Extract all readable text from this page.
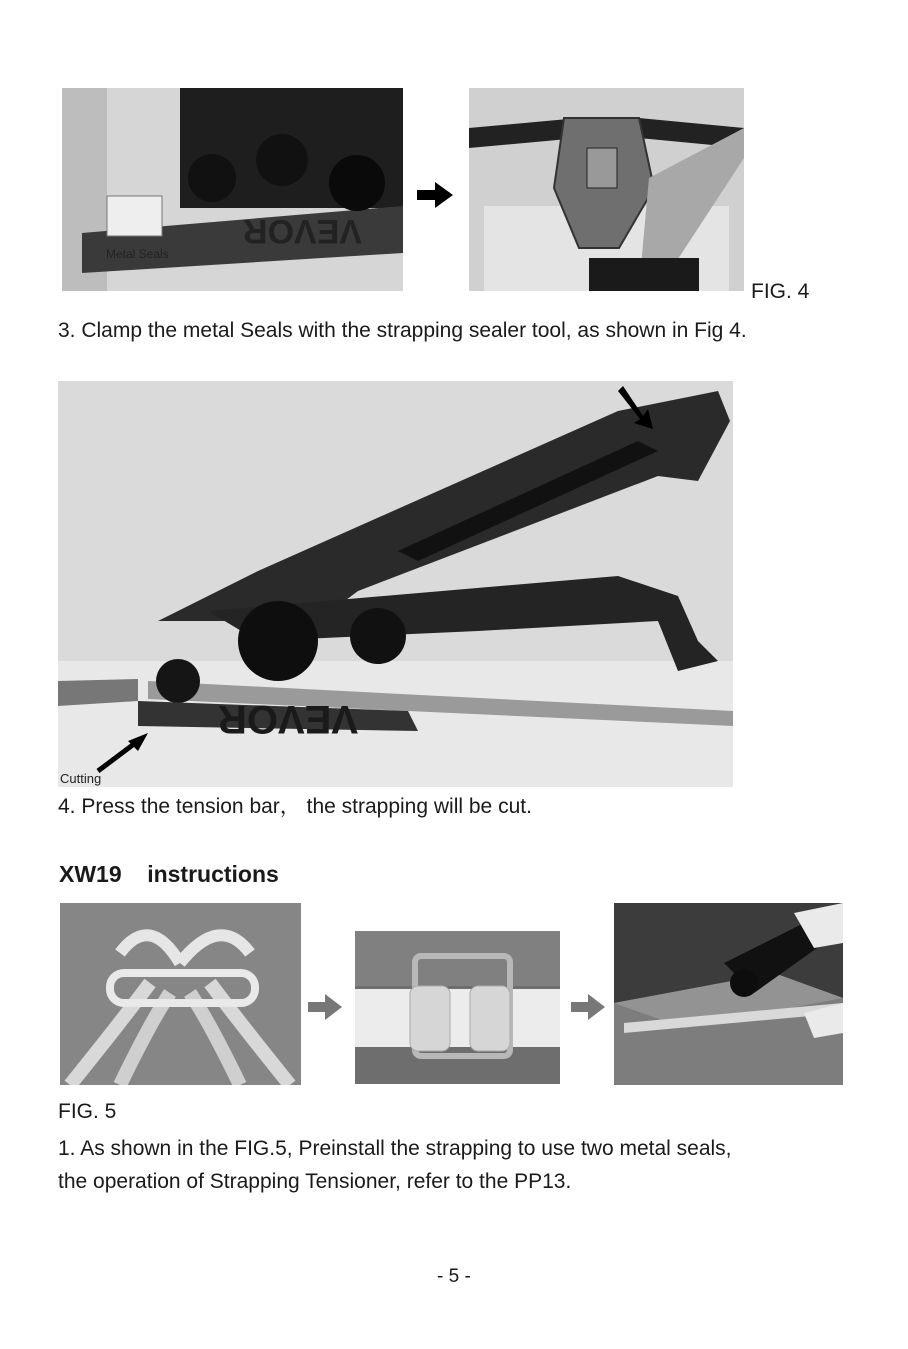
VEVOR
Metal Seals
FIG. 4
3. Clamp the metal Seals with the strapping sealer tool, as shown in Fig 4.
VEVOR
Cutting
4. Press the tension bar， the strapping will be cut.
XW19    instructions
FIG. 5
1. As shown in the FIG.5, Preinstall the strapping to use two metal seals,
the operation of Strapping Tensioner, refer to the PP13.
- 5 -
